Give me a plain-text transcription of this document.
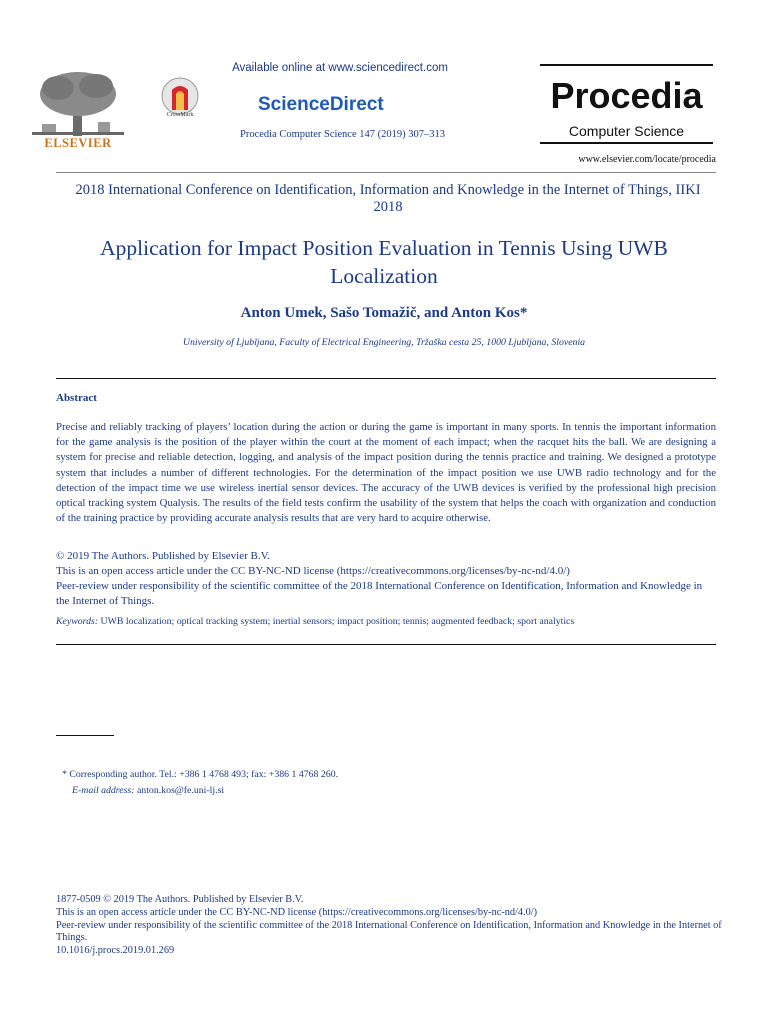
Available online at www.sciencedirect.com
ELSEVIER
CrossMark	ScienceDirect
Procedia Computer Science 147 (2019) 307–313
Procedia
Computer Science
www.elsevier.com/locate/procedia
2018 International Conference on Identification, Information and Knowledge in the Internet of Things, IIKI 2018
Application for Impact Position Evaluation in Tennis Using UWB Localization
Anton Umek, Sašo Tomažič, and Anton Kos*
University of Ljubljana, Faculty of Electrical Engineering, Tržaška cesta 25, 1000 Ljubljana, Slovenia
Abstract
Precise and reliably tracking of players’ location during the action or during the game is important in many sports. In tennis the important information for the game analysis is the position of the player within the court at the moment of each impact; when the racquet hits the ball. We are designing a system for precise and reliable detection, logging, and analysis of the impact position during the tennis practice and training. We designed a prototype system that includes a number of different technologies. For the determination of the impact position we use UWB radio technology and for the detection of the impact time we use wireless inertial sensor devices. The accuracy of the UWB devices is verified by the professional high precision optical tracking system Qualysis. The results of the field tests confirm the usability of the system that helps the coach with organization and conduction of the training practice by providing accurate analysis results that are very hard to acquire otherwise.
© 2019 The Authors. Published by Elsevier B.V.
This is an open access article under the CC BY-NC-ND license (https://creativecommons.org/licenses/by-nc-nd/4.0/)
Peer-review under responsibility of the scientific committee of the 2018 International Conference on Identification, Information and Knowledge in the Internet of Things.
Keywords: UWB localization; optical tracking system; inertial sensors; impact position; tennis; augmented feedback; sport analytics
* Corresponding author. Tel.: +386 1 4768 493; fax: +386 1 4768 260.
E-mail address: anton.kos@fe.uni-lj.si
1877-0509 © 2019 The Authors. Published by Elsevier B.V.
This is an open access article under the CC BY-NC-ND license (https://creativecommons.org/licenses/by-nc-nd/4.0/)
Peer-review under responsibility of the scientific committee of the 2018 International Conference on Identification, Information and Knowledge in the Internet of Things.
10.1016/j.procs.2019.01.269
